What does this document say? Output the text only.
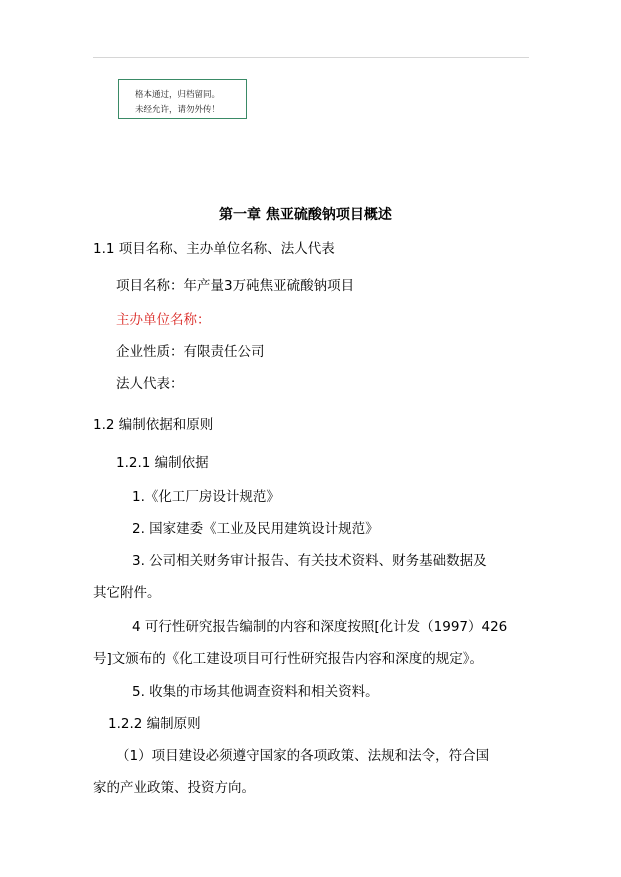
格本通过，归档留同。
未经允许，请勿外传！
第一章 焦亚硫酸钠项目概述
1.1 项目名称、主办单位名称、法人代表
项目名称：年产量3万砘焦亚硫酸钠项目
主办单位名称：
企业性质：有限责任公司
法人代表：
1.2 编制依据和原则
1.2.1 编制依据
1.《化工厂房设计规范》
2. 国家建委《工业及民用建筑设计规范》
3. 公司相关财务审计报告、有关技术资料、财务基础数据及
其它附件。
4 可行性研究报告编制的内容和深度按照[化计发（1997）426
号]文颁布的《化工建设项目可行性研究报告内容和深度的规定》。
5. 收集的市场其他调查资料和相关资料。
1.2.2 编制原则
（1）项目建设必须遵守国家的各项政策、法规和法令，符合国
家的产业政策、投资方向。
